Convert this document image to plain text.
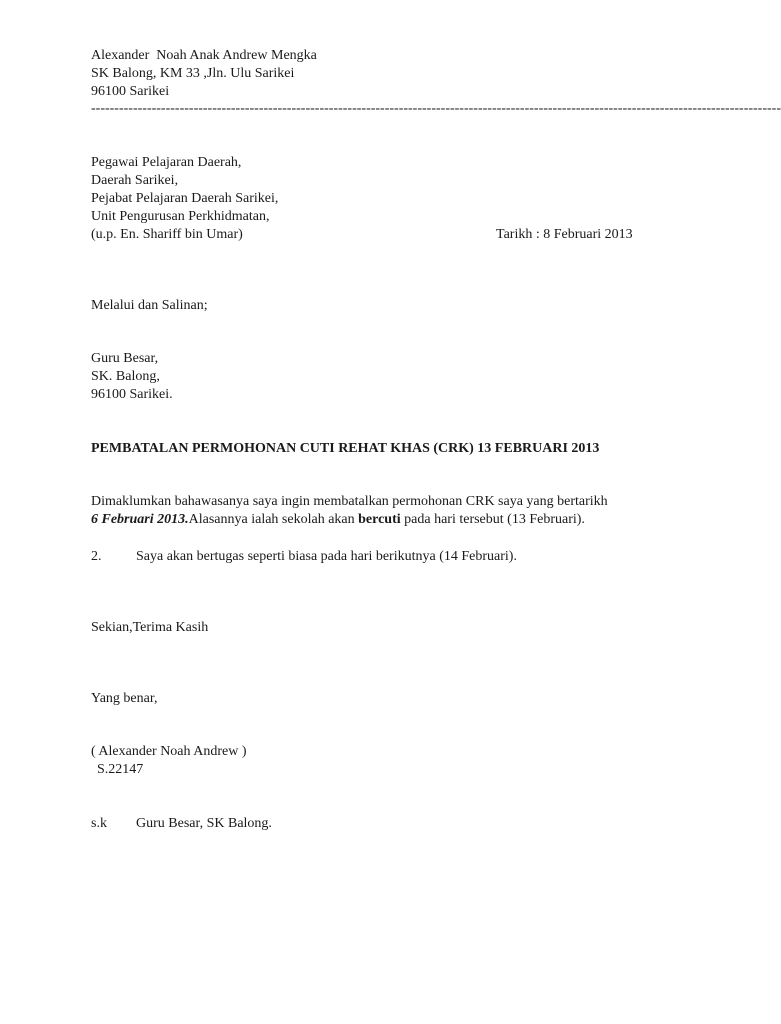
Alexander  Noah Anak Andrew Mengka
SK Balong, KM 33 ,Jln. Ulu Sarikei
96100 Sarikei
----------------------------------------------------------------------------------------------------------------------------------------------------
Pegawai Pelajaran Daerah,
Daerah Sarikei,
Pejabat Pelajaran Daerah Sarikei,
Unit Pengurusan Perkhidmatan,
(u.p. En. Shariff bin Umar)	Tarikh : 8 Februari 2013
Melalui dan Salinan;
Guru Besar,
SK. Balong,
96100 Sarikei.
PEMBATALAN PERMOHONAN CUTI REHAT KHAS (CRK) 13 FEBRUARI 2013
Dimaklumkan bahawasanya saya ingin membatalkan permohonan CRK saya yang bertarikh
6 Februari 2013.Alasannya ialah sekolah akan bercuti pada hari tersebut (13 Februari).
2. Saya akan bertugas seperti biasa pada hari berikutnya (14 Februari).
Sekian,Terima Kasih
Yang benar,
( Alexander Noah Andrew )
S.22147
s.k Guru Besar, SK Balong.
